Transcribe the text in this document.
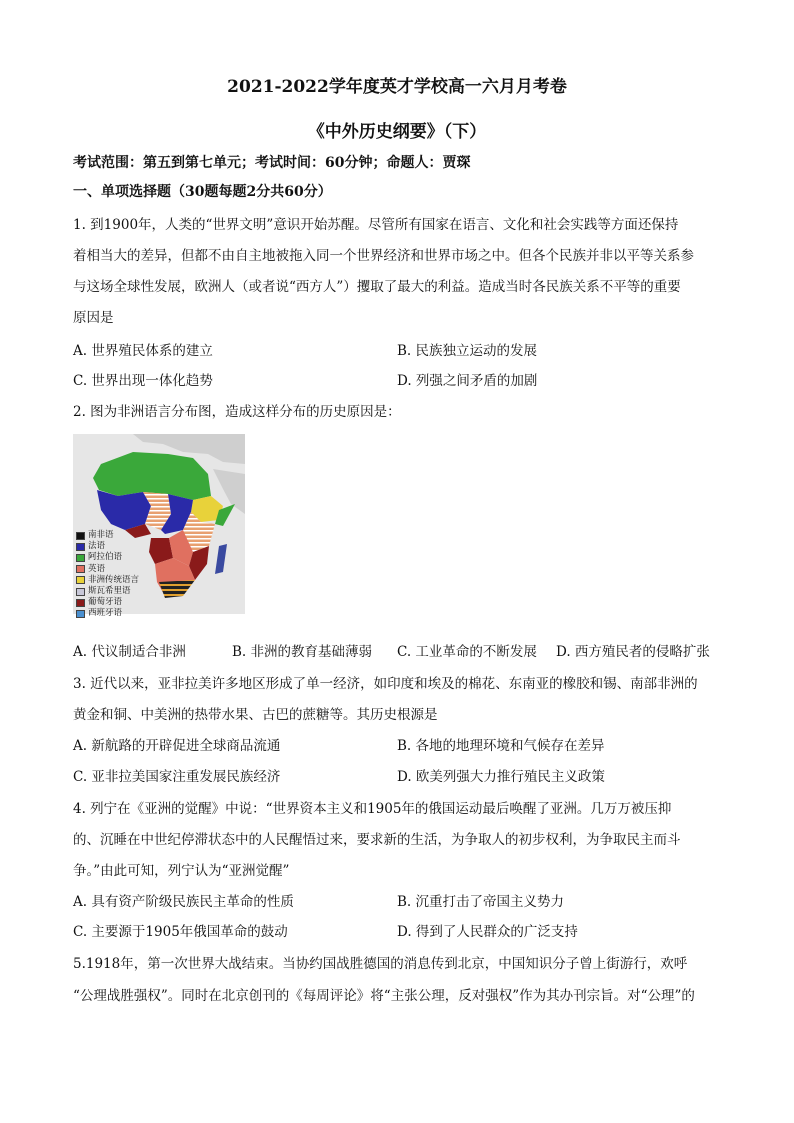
2021-2022学年度英才学校高一六月月考卷
《中外历史纲要》（下）
考试范围：第五到第七单元；考试时间：60分钟；命题人：贾琛
一、单项选择题（30题每题2分共60分）
1. 到1900年，人类的“世界文明”意识开始苏醒。尽管所有国家在语言、文化和社会实践等方面还保持
着相当大的差异，但都不由自主地被拖入同一个世界经济和世界市场之中。但各个民族并非以平等关系参
与这场全球性发展，欧洲人（或者说“西方人”）攫取了最大的利益。造成当时各民族关系不平等的重要
原因是
A. 世界殖民体系的建立	B. 民族独立运动的发展
C. 世界出现一体化趋势	D. 列强之间矛盾的加剧
2. 图为非洲语言分布图，造成这样分布的历史原因是：
南非语
法语
阿拉伯语
英语
非洲传统语言
斯瓦希里语
葡萄牙语
西班牙语
A. 代议制适合非洲	B. 非洲的教育基础薄弱 C. 工业革命的不断发展 D. 西方殖民者的侵略扩张
3. 近代以来，亚非拉美许多地区形成了单一经济，如印度和埃及的棉花、东南亚的橡胶和锡、南部非洲的
黄金和铜、中美洲的热带水果、古巴的蔗糖等。其历史根源是
A. 新航路的开辟促进全球商品流通	B. 各地的地理环境和气候存在差异
C. 亚非拉美国家注重发展民族经济	D. 欧美列强大力推行殖民主义政策
4. 列宁在《亚洲的觉醒》中说：“世界资本主义和1905年的俄国运动最后唤醒了亚洲。几万万被压抑
的、沉睡在中世纪停滞状态中的人民醒悟过来，要求新的生活，为争取人的初步权利，为争取民主而斗
争。”由此可知，列宁认为“亚洲觉醒”
A. 具有资产阶级民族民主革命的性质	B. 沉重打击了帝国主义势力
C. 主要源于1905年俄国革命的鼓动	D. 得到了人民群众的广泛支持
5.1918年，第一次世界大战结束。当协约国战胜德国的消息传到北京，中国知识分子曾上街游行，欢呼
“公理战胜强权”。同时在北京创刊的《每周评论》将“主张公理，反对强权”作为其办刊宗旨。对“公理”的
